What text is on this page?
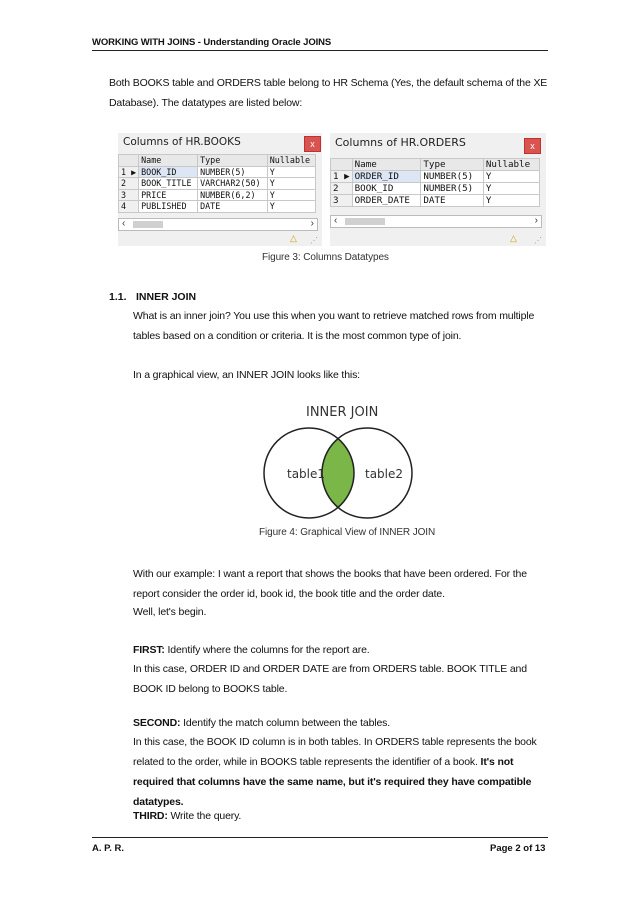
WORKING WITH JOINS - Understanding Oracle JOINS
Both BOOKS table and ORDERS table belong to HR Schema (Yes, the default schema of the XE Database). The datatypes are listed below:
Columns of HR.BOOKS	x
	Name	Type	Nullable
1 ▶	BOOK_ID	NUMBER(5)	Y
2	BOOK_TITLE	VARCHAR2(50)	Y
3	PRICE	NUMBER(6,2)	Y
4	PUBLISHED	DATE	Y
‹	›
△ ⋰
Columns of HR.ORDERS	x
	Name	Type	Nullable
1 ▶	ORDER_ID	NUMBER(5)	Y
2	BOOK_ID	NUMBER(5)	Y
3	ORDER_DATE	DATE	Y
‹	›
△ ⋰
Figure 3: Columns Datatypes
1.1. INNER JOIN
What is an inner join? You use this when you want to retrieve matched rows from multiple tables based on a condition or criteria. It is the most common type of join.
In a graphical view, an INNER JOIN looks like this:
INNER JOIN
table1	table2
Figure 4: Graphical View of INNER JOIN
With our example: I want a report that shows the books that have been ordered. For the report consider the order id, book id, the book title and the order date.
Well, let's begin.
FIRST: Identify where the columns for the report are.
In this case, ORDER ID and ORDER DATE are from ORDERS table. BOOK TITLE and BOOK ID belong to BOOKS table.
SECOND: Identify the match column between the tables.
In this case, the BOOK ID column is in both tables. In ORDERS table represents the book related to the order, while in BOOKS table represents the identifier of a book. It's not required that columns have the same name, but it's required they have compatible datatypes.
THIRD: Write the query.
A. P. R.	Page 2 of 13
